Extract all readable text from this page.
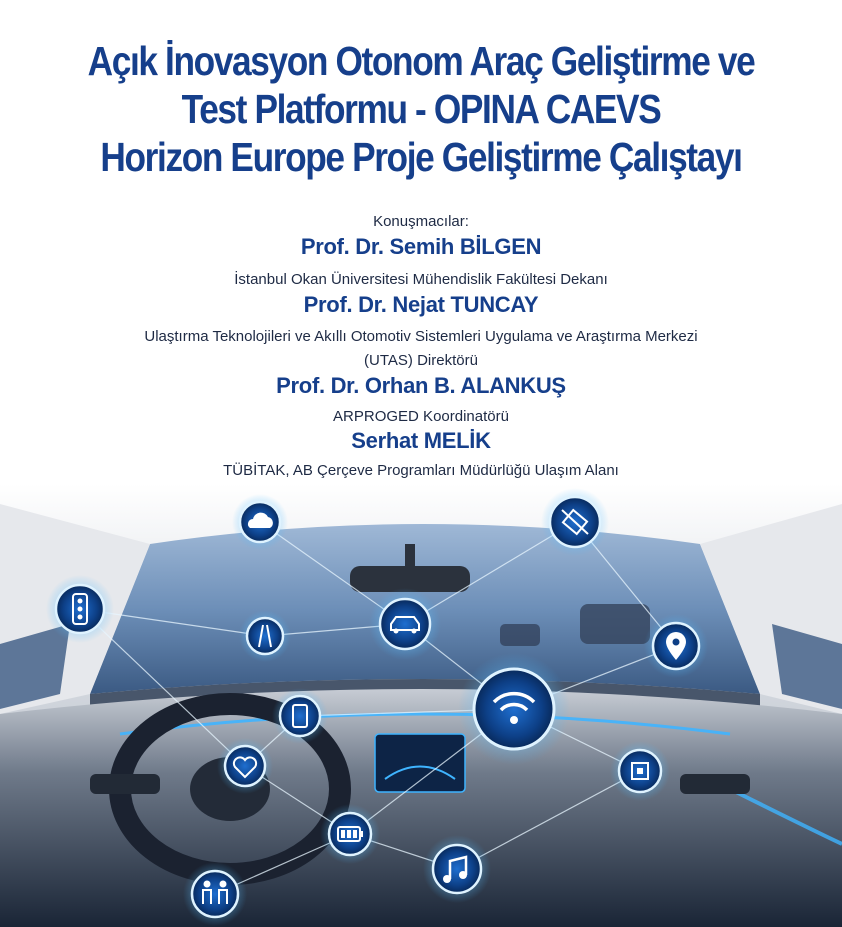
Açık İnovasyon Otonom Araç Geliştirme ve
Test Platformu - OPINA CAEVS
Horizon Europe Proje Geliştirme Çalıştayı
Konuşmacılar:
Prof. Dr. Semih BİLGEN
İstanbul Okan Üniversitesi Mühendislik Fakültesi Dekanı
Prof. Dr. Nejat TUNCAY
Ulaştırma Teknolojileri ve Akıllı Otomotiv Sistemleri Uygulama ve Araştırma Merkezi
(UTAS) Direktörü
Prof. Dr. Orhan B. ALANKUŞ
ARPROGED Koordinatörü
Serhat MELİK
TÜBİTAK, AB Çerçeve Programları Müdürlüğü Ulaşım Alanı
